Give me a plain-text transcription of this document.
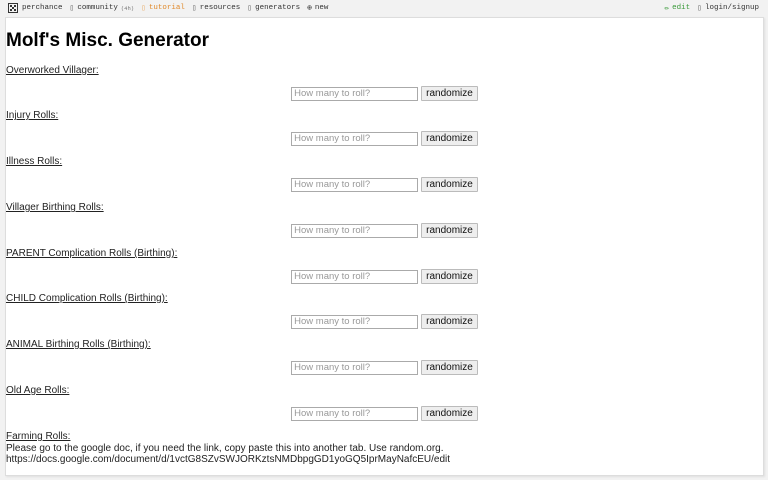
perchance ▯ community (4h) ▯ tutorial ▯ resources ▯ generators ⊕ new	✏ edit ▯ login/signup
Molf's Misc. Generator
Overworked Villager:
How many to roll?
randomize
Injury Rolls:
How many to roll?
randomize
Illness Rolls:
How many to roll?
randomize
Villager Birthing Rolls:
How many to roll?
randomize
PARENT Complication Rolls (Birthing):
How many to roll?
randomize
CHILD Complication Rolls (Birthing):
How many to roll?
randomize
ANIMAL Birthing Rolls (Birthing):
How many to roll?
randomize
Old Age Rolls:
How many to roll?
randomize
Farming Rolls:
Please go to the google doc, if you need the link, copy paste this into another tab. Use random.org.
https://docs.google.com/document/d/1vctG8SZvSWJORKztsNMDbpgGD1yoGQ5IprMayNafcEU/edit
